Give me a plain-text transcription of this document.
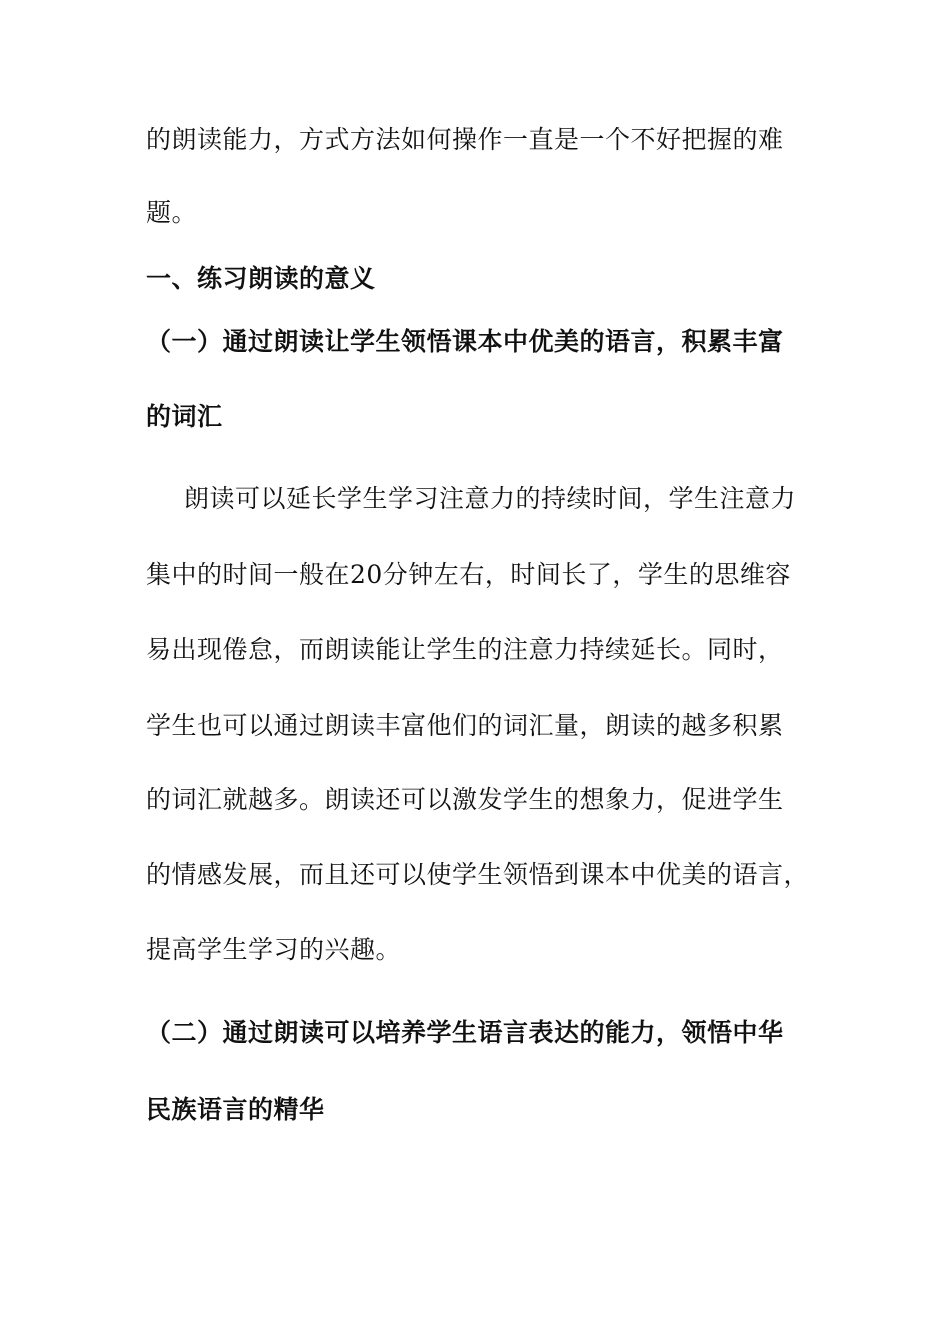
的朗读能力，方式方法如何操作一直是一个不好把握的难
题。
一、练习朗读的意义
（一）通过朗读让学生领悟课本中优美的语言，积累丰富
的词汇
朗读可以延长学生学习注意力的持续时间，学生注意力
集中的时间一般在20分钟左右，时间长了，学生的思维容
易出现倦怠，而朗读能让学生的注意力持续延长。同时，
学生也可以通过朗读丰富他们的词汇量，朗读的越多积累
的词汇就越多。朗读还可以激发学生的想象力，促进学生
的情感发展，而且还可以使学生领悟到课本中优美的语言，
提高学生学习的兴趣。
（二）通过朗读可以培养学生语言表达的能力，领悟中华
民族语言的精华
